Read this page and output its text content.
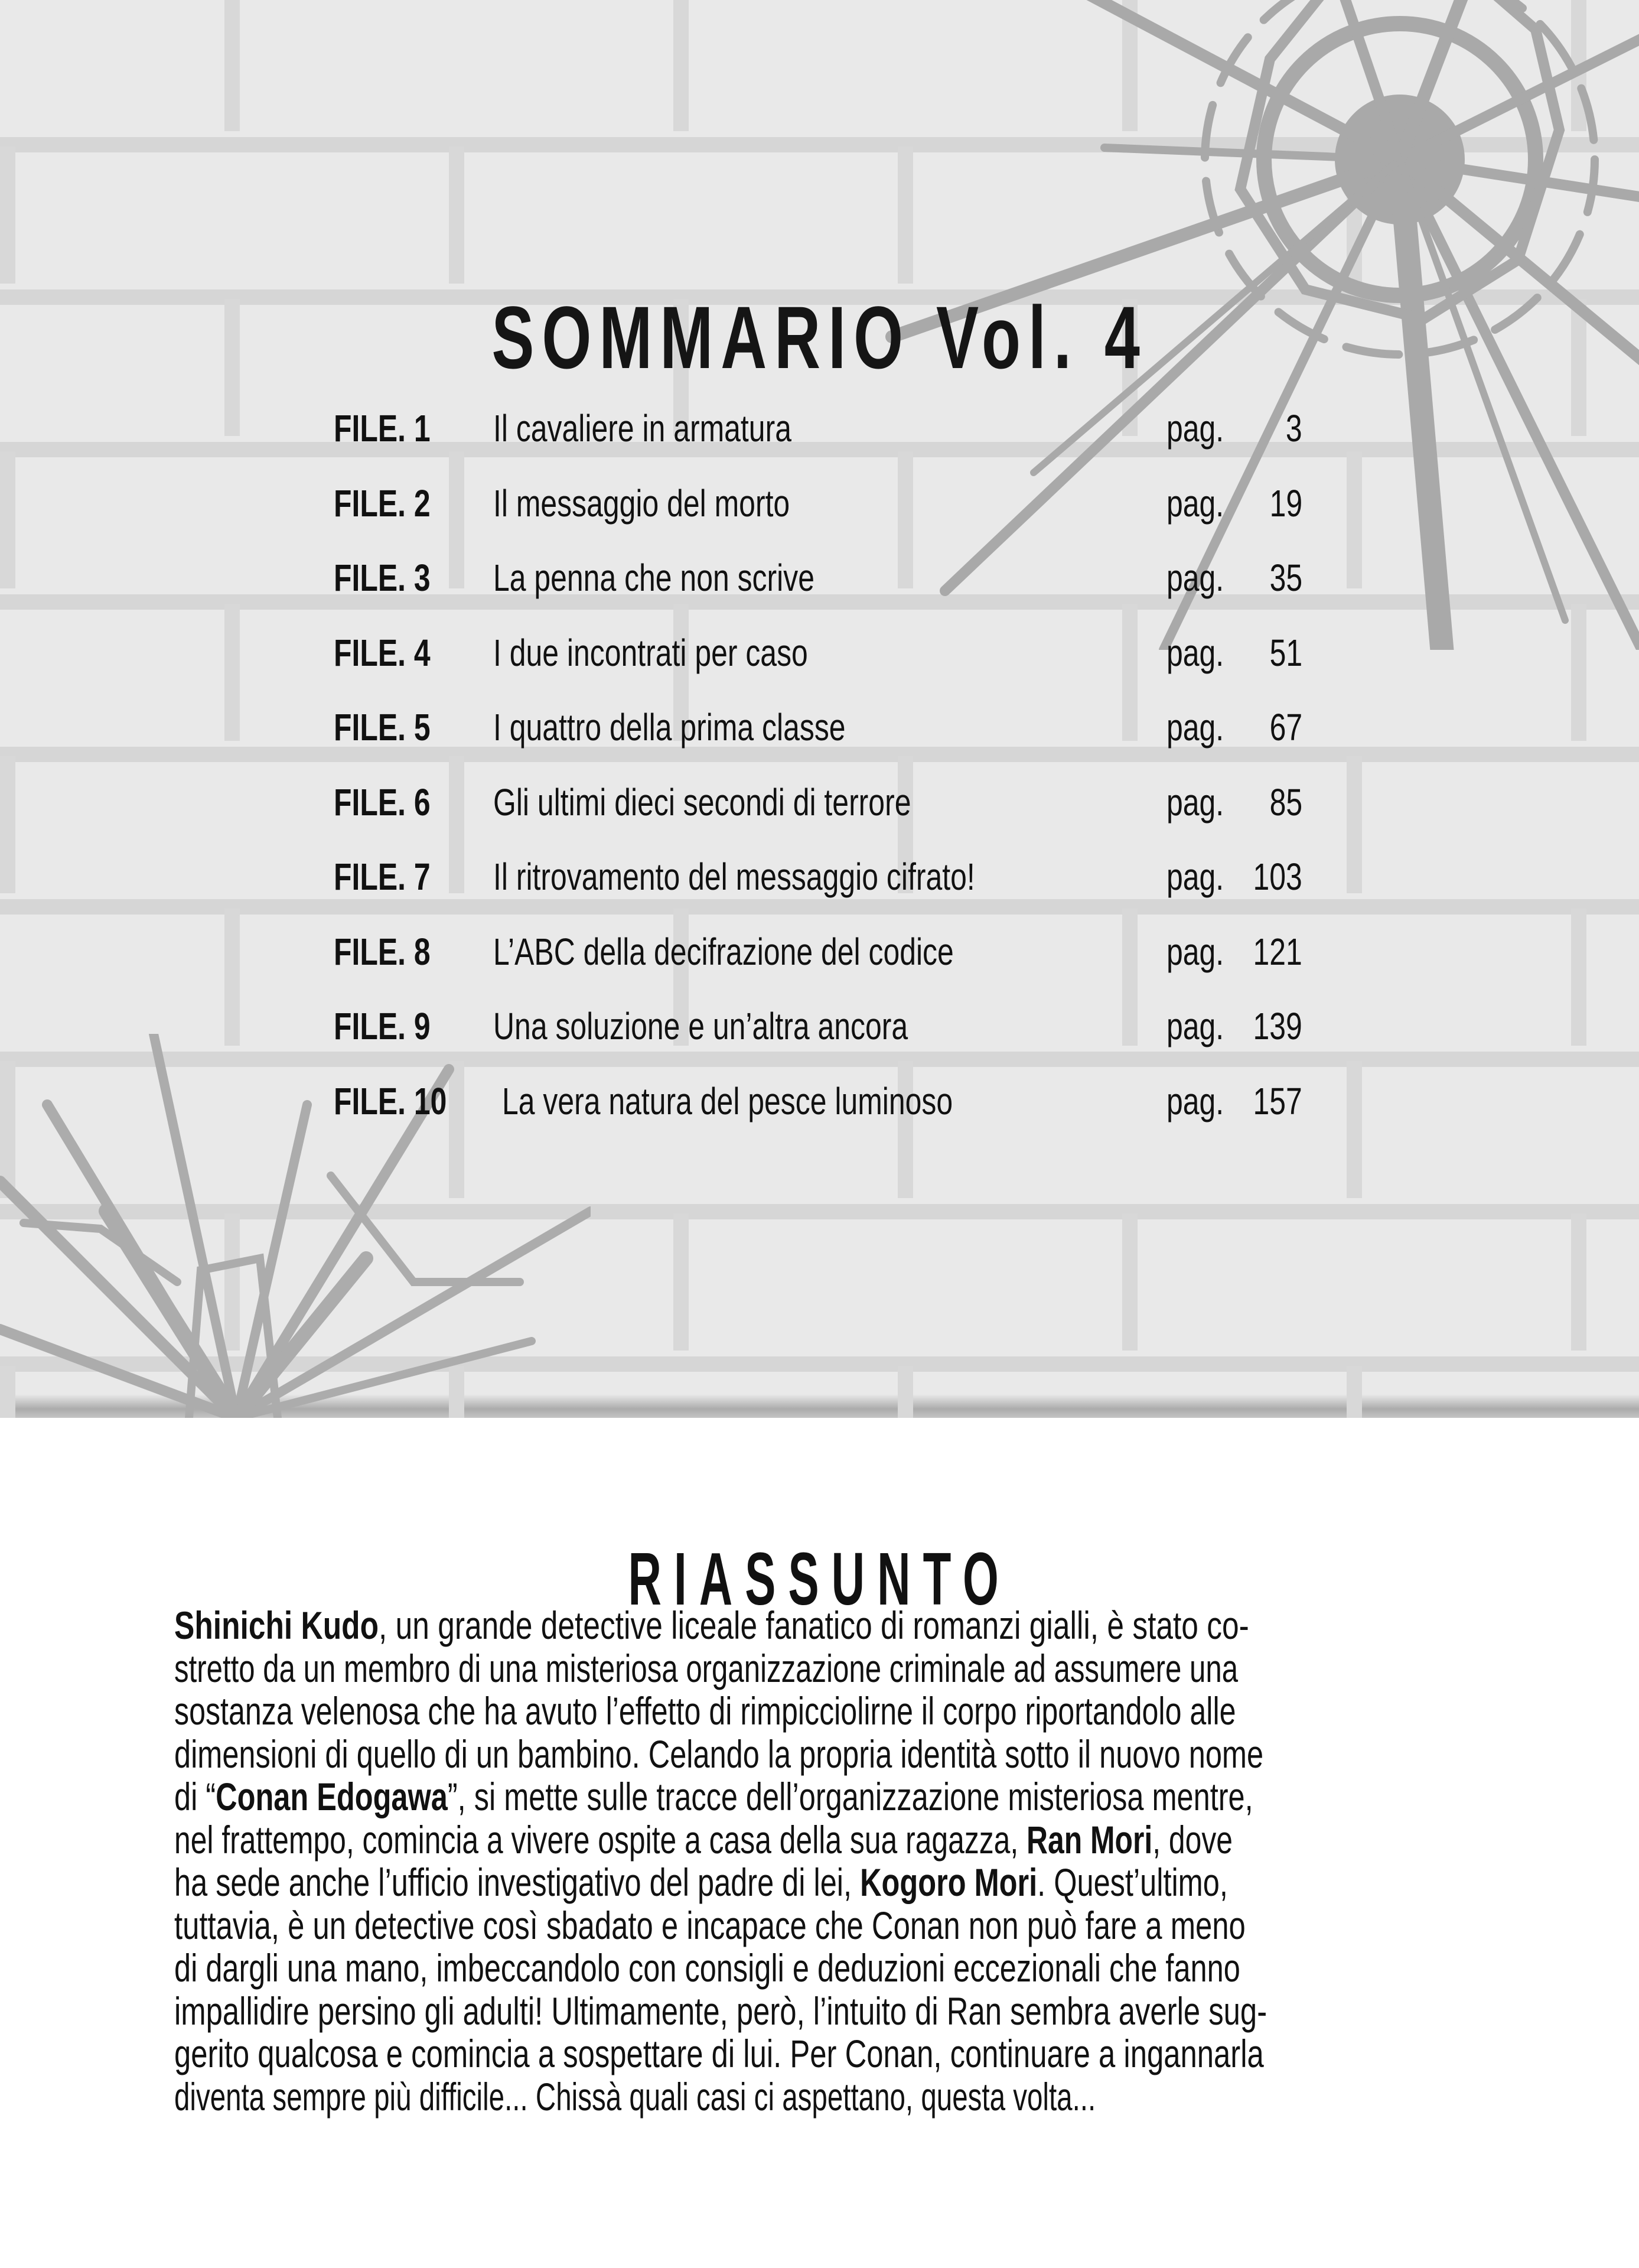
SOMMARIO Vol. 4
FILE. 1	Il cavaliere in armatura	pag.	3
FILE. 2	Il messaggio del morto	pag.	19
FILE. 3	La penna che non scrive	pag.	35
FILE. 4	I due incontrati per caso	pag.	51
FILE. 5	I quattro della prima classe	pag.	67
FILE. 6	Gli ultimi dieci secondi di terrore	pag.	85
FILE. 7	Il ritrovamento del messaggio cifrato!	pag. 103
FILE. 8	L’ABC della decifrazione del codice	pag. 121
FILE. 9	Una soluzione e un’altra ancora	pag. 139
FILE. 10	La vera natura del pesce luminoso	pag. 157
RIASSUNTO
Shinichi Kudo, un grande detective liceale fanatico di romanzi gialli, è stato co-
stretto da un membro di una misteriosa organizzazione criminale ad assumere una
sostanza velenosa che ha avuto l’effetto di rimpicciolirne il corpo riportandolo alle
dimensioni di quello di un bambino. Celando la propria identità sotto il nuovo nome
di “Conan Edogawa”, si mette sulle tracce dell’organizzazione misteriosa mentre,
nel frattempo, comincia a vivere ospite a casa della sua ragazza, Ran Mori, dove
ha sede anche l’ufficio investigativo del padre di lei, Kogoro Mori. Quest’ultimo,
tuttavia, è un detective così sbadato e incapace che Conan non può fare a meno
di dargli una mano, imbeccandolo con consigli e deduzioni eccezionali che fanno
impallidire persino gli adulti! Ultimamente, però, l’intuito di Ran sembra averle sug-
gerito qualcosa e comincia a sospettare di lui. Per Conan, continuare a ingannarla
diventa sempre più difficile... Chissà quali casi ci aspettano, questa volta...
